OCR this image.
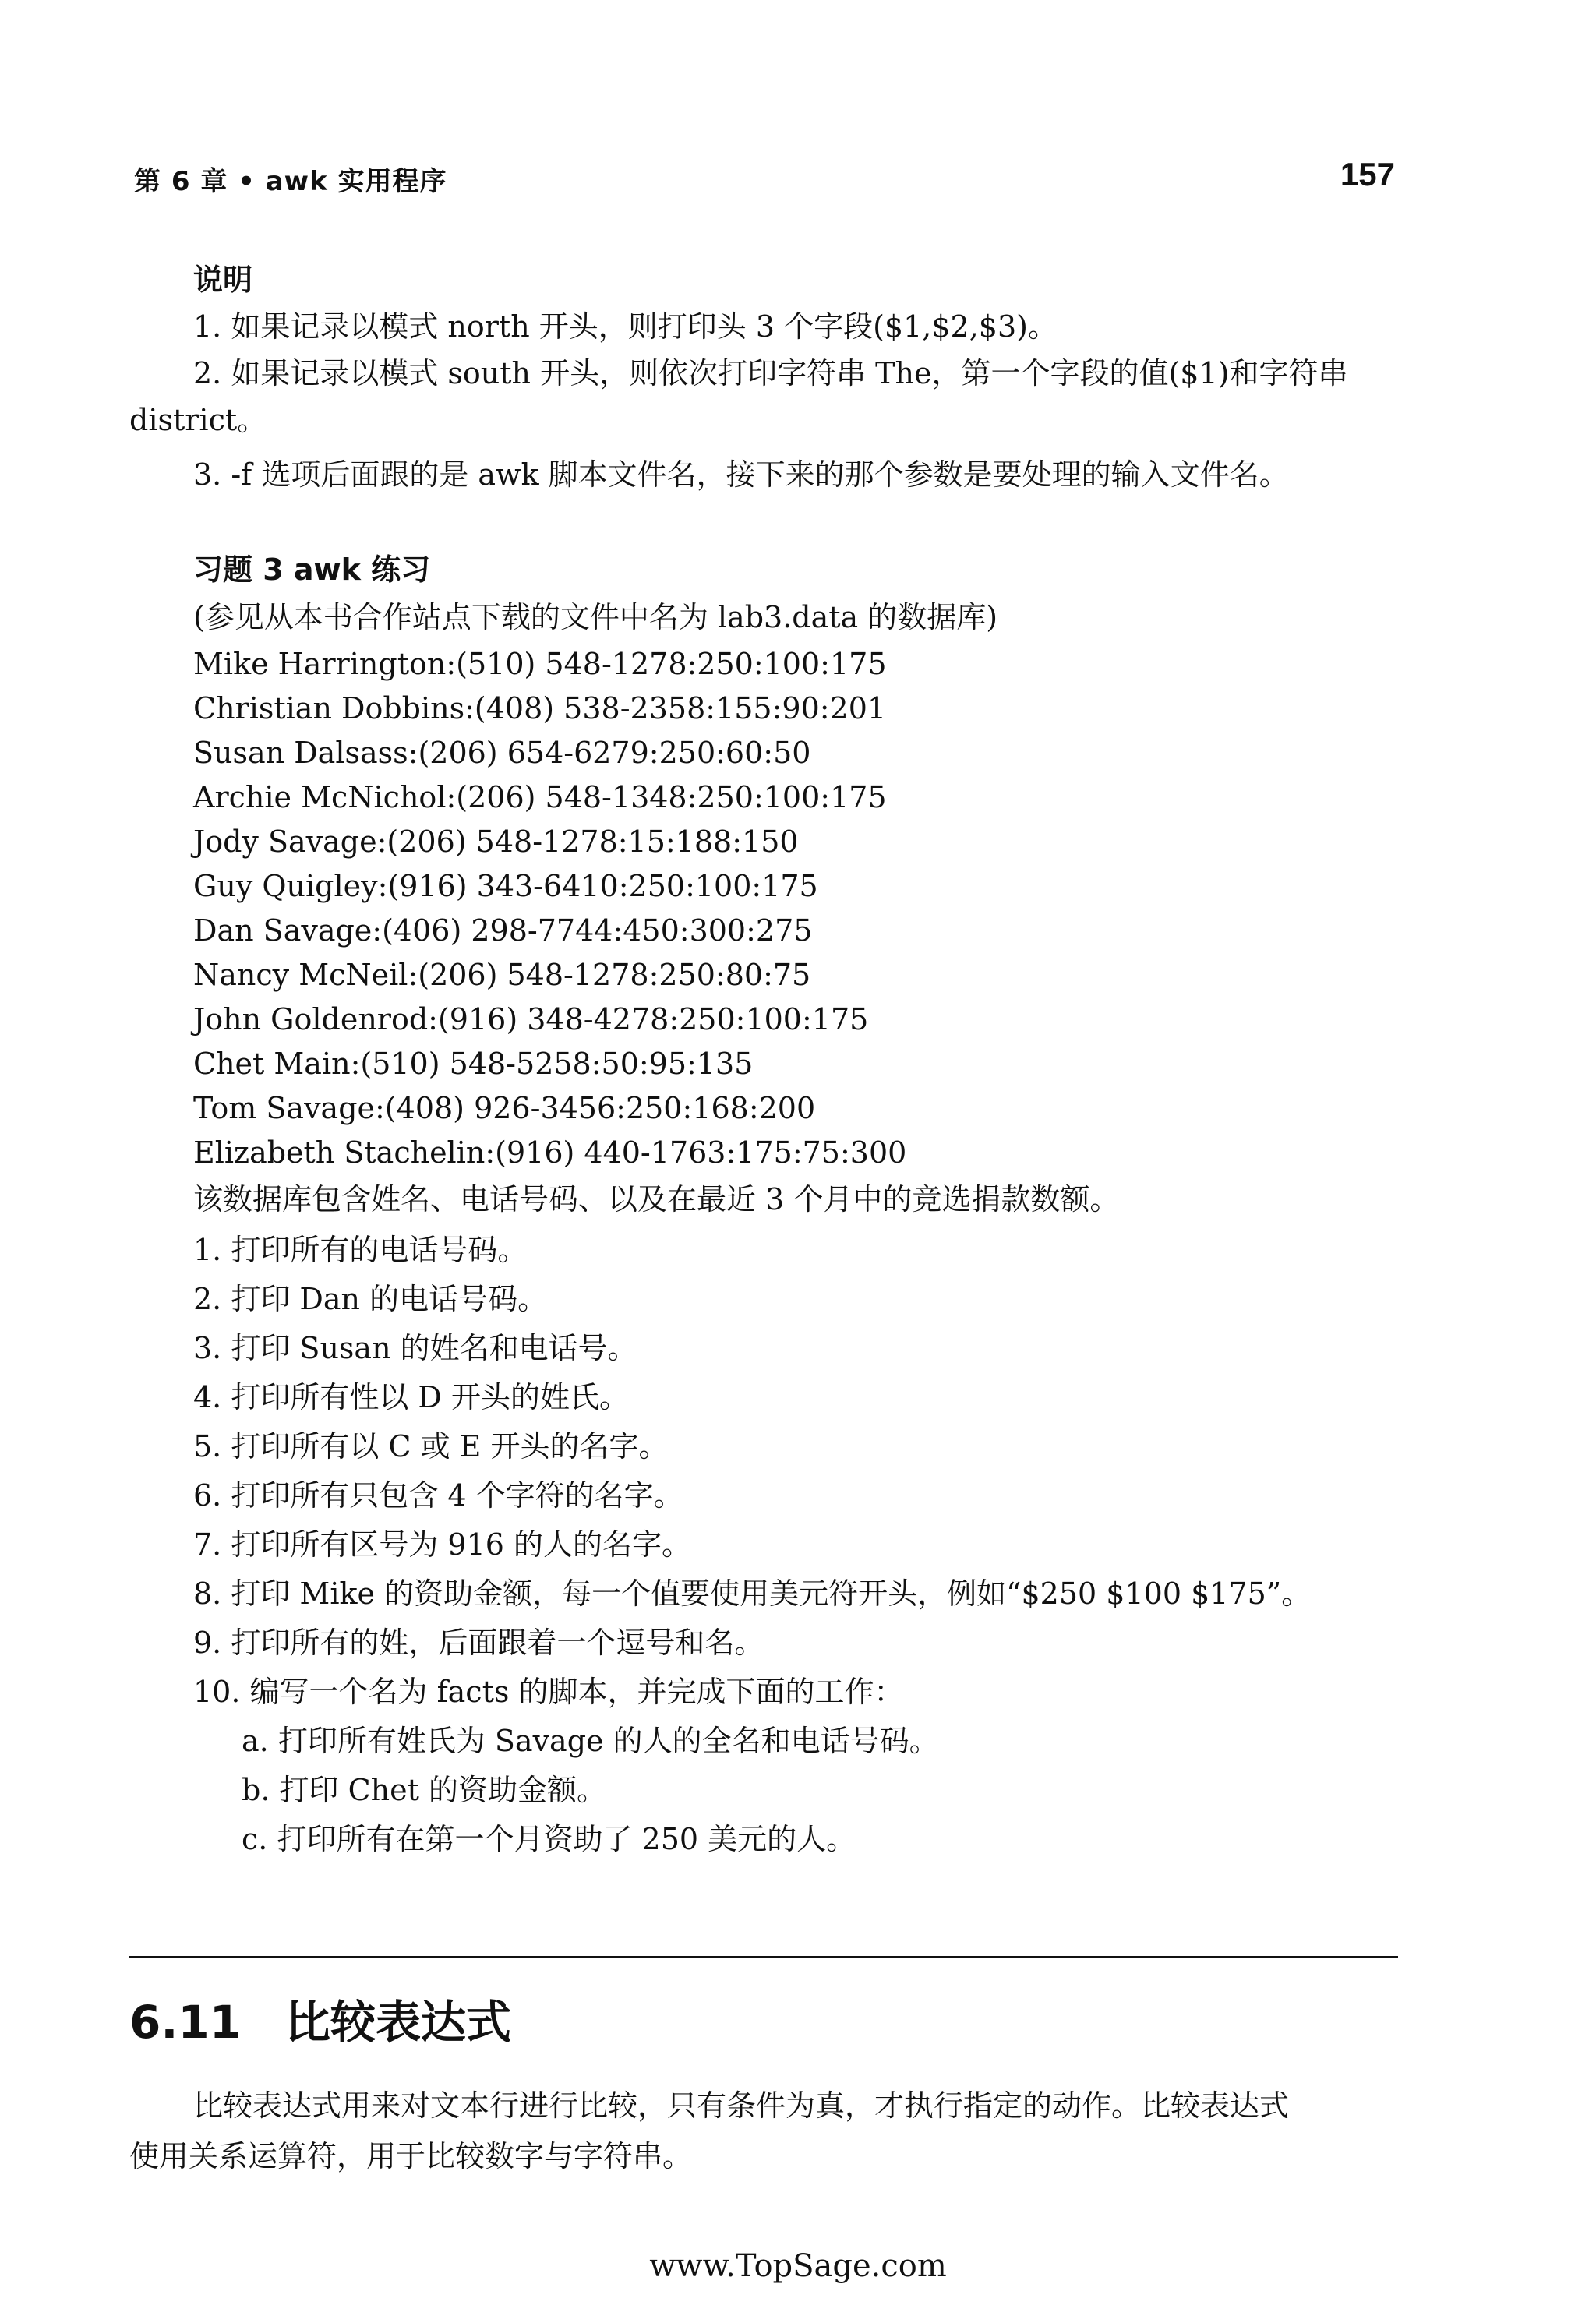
第 6 章 • awk 实用程序	157
说明
1. 如果记录以模式 north 开头，则打印头 3 个字段($1,$2,$3)。
2. 如果记录以模式 south 开头，则依次打印字符串 The，第一个字段的值($1)和字符串
district。
3. -f 选项后面跟的是 awk 脚本文件名，接下来的那个参数是要处理的输入文件名。
习题 3 awk 练习
(参见从本书合作站点下载的文件中名为 lab3.data 的数据库)
Mike Harrington:(510) 548-1278:250:100:175
Christian Dobbins:(408) 538-2358:155:90:201
Susan Dalsass:(206) 654-6279:250:60:50
Archie McNichol:(206) 548-1348:250:100:175
Jody Savage:(206) 548-1278:15:188:150
Guy Quigley:(916) 343-6410:250:100:175
Dan Savage:(406) 298-7744:450:300:275
Nancy McNeil:(206) 548-1278:250:80:75
John Goldenrod:(916) 348-4278:250:100:175
Chet Main:(510) 548-5258:50:95:135
Tom Savage:(408) 926-3456:250:168:200
Elizabeth Stachelin:(916) 440-1763:175:75:300
该数据库包含姓名、电话号码、以及在最近 3 个月中的竞选捐款数额。
1. 打印所有的电话号码。
2. 打印 Dan 的电话号码。
3. 打印 Susan 的姓名和电话号。
4. 打印所有性以 D 开头的姓氏。
5. 打印所有以 C 或 E 开头的名字。
6. 打印所有只包含 4 个字符的名字。
7. 打印所有区号为 916 的人的名字。
8. 打印 Mike 的资助金额，每一个值要使用美元符开头，例如“$250 $100 $175”。
9. 打印所有的姓，后面跟着一个逗号和名。
10. 编写一个名为 facts 的脚本，并完成下面的工作：
a. 打印所有姓氏为 Savage 的人的全名和电话号码。
b. 打印 Chet 的资助金额。
c. 打印所有在第一个月资助了 250 美元的人。
6.11 比较表达式
比较表达式用来对文本行进行比较，只有条件为真，才执行指定的动作。比较表达式
使用关系运算符，用于比较数字与字符串。
www.TopSage.com
